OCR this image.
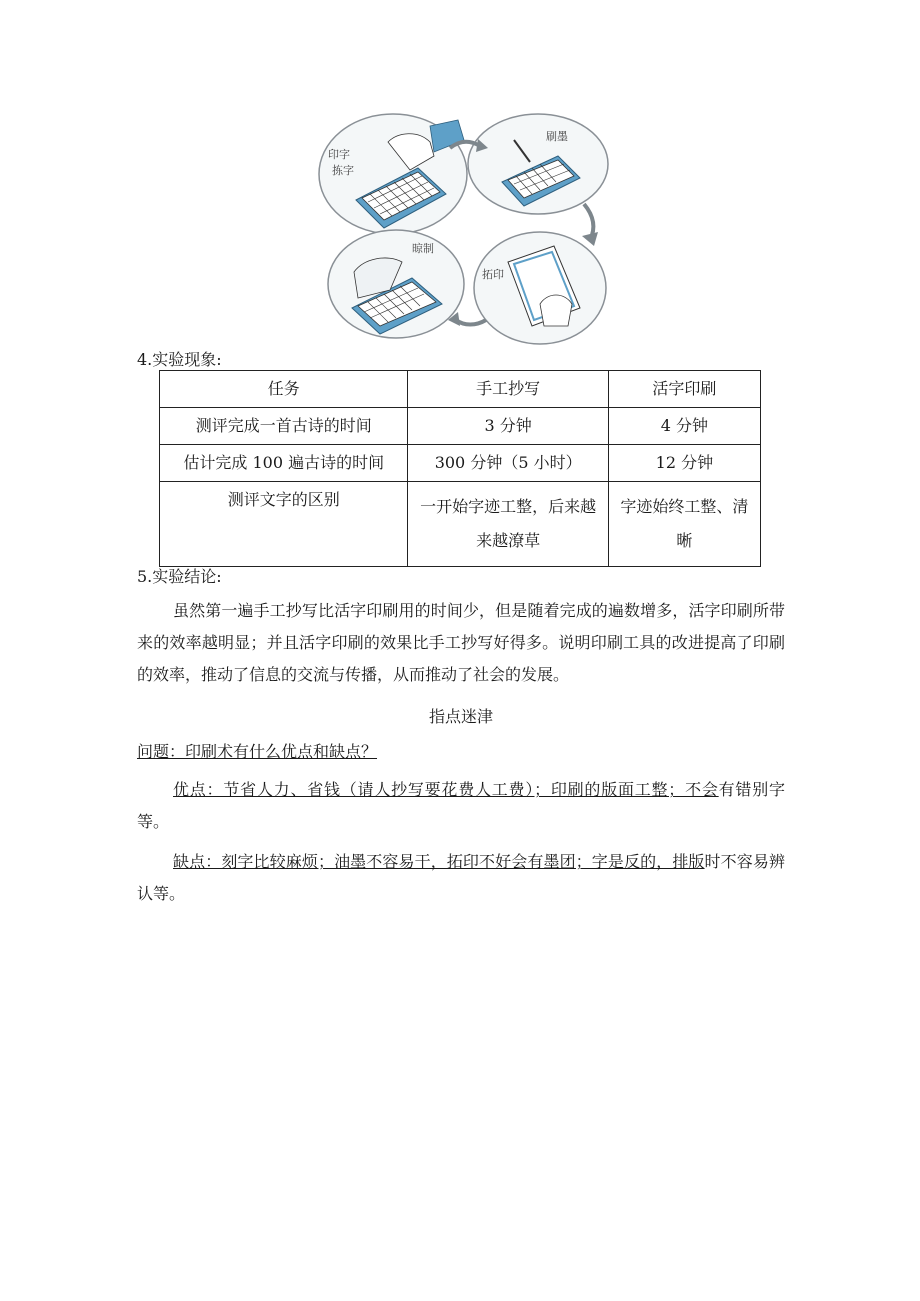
印字
拣字
刷墨
拓印
晾制
4.实验现象:
任务	手工抄写	活字印刷
测评完成一首古诗的时间	3 分钟	4 分钟
估计完成 100 遍古诗的时间	300 分钟（5 小时）	12 分钟
测评文字的区别	一开始字迹工整，后来越来越潦草	字迹始终工整、清晰
5.实验结论:
虽然第一遍手工抄写比活字印刷用的时间少，但是随着完成的遍数增多，活字印刷所带来的效率越明显；并且活字印刷的效果比手工抄写好得多。说明印刷工具的改进提高了印刷的效率，推动了信息的交流与传播，从而推动了社会的发展。
指点迷津
问题：印刷术有什么优点和缺点？
优点：节省人力、省钱（请人抄写要花费人工费）；印刷的版面工整；不会有错别字等。
缺点：刻字比较麻烦；油墨不容易干，拓印不好会有墨团；字是反的，排版时不容易辨认等。
